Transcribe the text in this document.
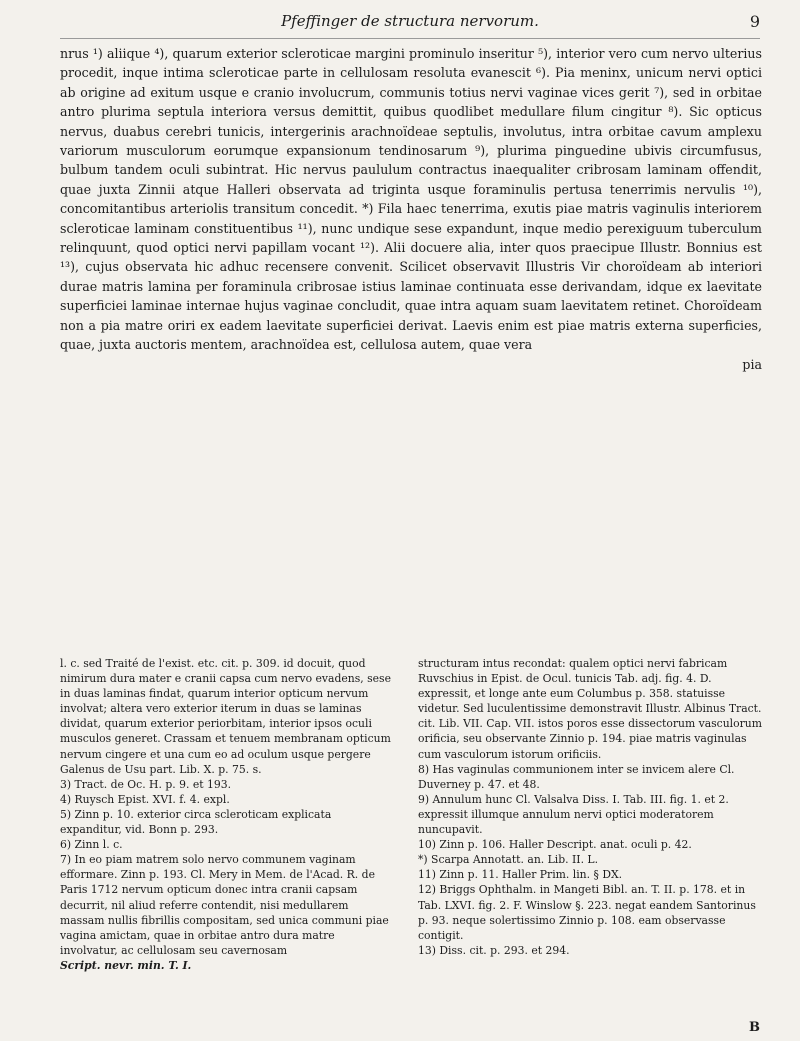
Pfeffinger de structura nervorum.	9

nrus ¹) aliique ⁴), quarum exterior scleroticae margini prominulo inseritur ⁵), interior vero cum nervo ulterius procedit, inque intima scleroticae parte in cellulosam resoluta evanescit ⁶). Pia meninx, unicum nervi optici ab origine ad exitum usque e cranio involucrum, communis totius nervi vaginae vices gerit ⁷), sed in orbitae antro plurima septula interiora versus demittit, quibus quodlibet medullare filum cingitur ⁸). Sic opticus nervus, duabus cerebri tunicis, intergerinis arachnoïdeae septulis, involutus, intra orbitae cavum amplexu variorum musculorum eorumque expansionum tendinosarum ⁹), plurima pinguedine ubivis circumfusus, bulbum tandem oculi subintrat. Hic nervus paululum contractus inaequaliter cribrosam laminam offendit, quae juxta Zinnii atque Halleri observata ad triginta usque foraminulis pertusa tenerrimis nervulis ¹⁰), concomitantibus arteriolis transitum concedit. *) Fila haec tenerrima, exutis piae matris vaginulis interiorem scleroticae laminam constituentibus ¹¹), nunc undique sese expandunt, inque medio perexiguum tuberculum relinquunt, quod optici nervi papillam vocant ¹²). Alii docuere alia, inter quos praecipue Illustr. Bonnius est ¹³), cujus observata hic adhuc recensere convenit. Scilicet observavit Illustris Vir choroïdeam ab interiori durae matris lamina per foraminula cribrosae istius laminae continuata esse derivandam, idque ex laevitate superficiei laminae internae hujus vaginae concludit, quae intra aquam suam laevitatem retinet. Choroïdeam non a pia matre oriri ex eadem laevitate superficiei derivat. Laevis enim est piae matris externa superficies, quae, juxta auctoris mentem, arachnoïdea est, cellulosa autem, quae vera

pia

l. c. sed Traité de l'exist. etc. cit. p. 309. id docuit, quod nimirum dura mater e cranii capsa cum nervo evadens, sese in duas laminas findat, quarum interior opticum nervum involvat; altera vero exterior iterum in duas se laminas dividat, quarum exterior periorbitam, interior ipsos oculi musculos generet. Crassam et tenuem membranam opticum nervum cingere et una cum eo ad oculum usque pergere Galenus de Usu part. Lib. X. p. 75. s.

3) Tract. de Oc. H. p. 9. et 193.

4) Ruysch Epist. XVI. f. 4. expl.

5) Zinn p. 10. exterior circa scleroticam explicata expanditur, vid. Bonn p. 293.

6) Zinn l. c.

7) In eo piam matrem solo nervo communem vaginam efformare. Zinn p. 193. Cl. Mery in Mem. de l'Acad. R. de Paris 1712 nervum opticum donec intra cranii capsam decurrit, nil aliud referre contendit, nisi medullarem massam nullis fibrillis compositam, sed unica communi piae vagina amictam, quae in orbitae antro dura matre involvatur, ac cellulosam seu cavernosam

Script. nevr. min. T. I.

structuram intus recondat: qualem optici nervi fabricam Ruvschius in Epist. de Ocul. tunicis Tab. adj. fig. 4. D. expressit, et longe ante eum Columbus p. 358. statuisse videtur. Sed luculentissime demonstravit Illustr. Albinus Tract. cit. Lib. VII. Cap. VII. istos poros esse dissectorum vasculorum orificia, seu observante Zinnio p. 194. piae matris vaginulas cum vasculorum istorum orificiis.

8) Has vaginulas communionem inter se invicem alere Cl. Duverney p. 47. et 48.

9) Annulum hunc Cl. Valsalva Diss. I. Tab. III. fig. 1. et 2. expressit illumque annulum nervi optici moderatorem nuncupavit.

10) Zinn p. 106. Haller Descript. anat. oculi p. 42.

*) Scarpa Annotatt. an. Lib. II. L.

11) Zinn p. 11. Haller Prim. lin. § DX.

12) Briggs Ophthalm. in Mangeti Bibl. an. T. II. p. 178. et in Tab. LXVI. fig. 2. F. Winslow §. 223. negat eandem Santorinus p. 93. neque solertissimo Zinnio p. 108. eam observasse contigit.

13) Diss. cit. p. 293. et 294.

B
